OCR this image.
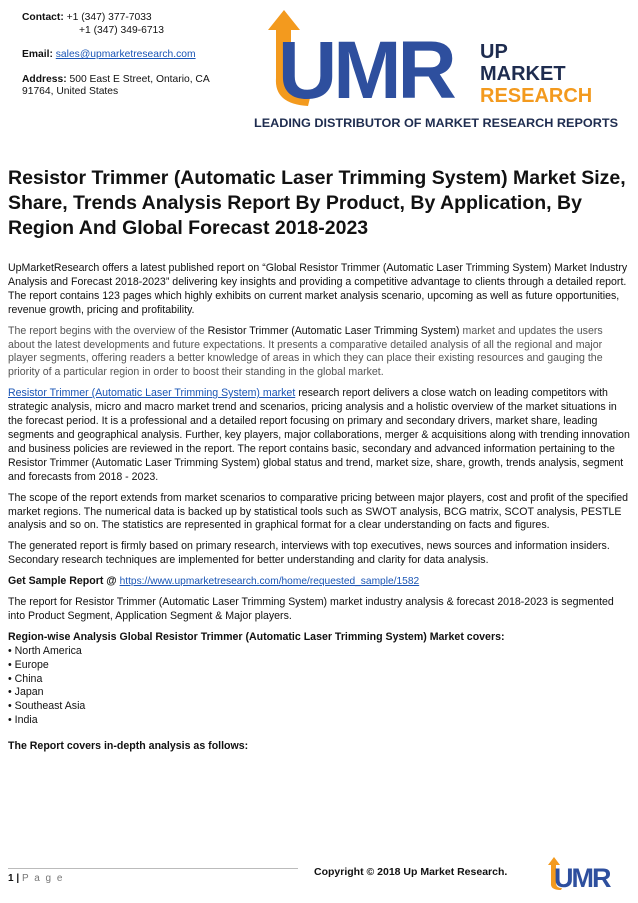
Contact: +1 (347) 377-7033
+1 (347) 349-6713
Email: sales@upmarketresearch.com
Address: 500 East E Street, Ontario, CA
91764, United States	UMR UP
MARKET
RESEARCH
LEADING DISTRIBUTOR OF MARKET RESEARCH REPORTS
Resistor Trimmer (Automatic Laser Trimming System) Market Size, Share, Trends Analysis Report By Product, By Application, By Region And Global Forecast 2018-2023

UpMarketResearch offers a latest published report on “Global Resistor Trimmer (Automatic Laser Trimming System) Market Industry Analysis and Forecast 2018-2023” delivering key insights and providing a competitive advantage to clients through a detailed report. The report contains 123 pages which highly exhibits on current market analysis scenario, upcoming as well as future opportunities, revenue growth, pricing and profitability.

The report begins with the overview of the Resistor Trimmer (Automatic Laser Trimming System) market and updates the users about the latest developments and future expectations. It presents a comparative detailed analysis of all the regional and major player segments, offering readers a better knowledge of areas in which they can place their existing resources and gauging the priority of a particular region in order to boost their standing in the global market.

Resistor Trimmer (Automatic Laser Trimming System) market research report delivers a close watch on leading competitors with strategic analysis, micro and macro market trend and scenarios, pricing analysis and a holistic overview of the market situations in the forecast period. It is a professional and a detailed report focusing on primary and secondary drivers, market share, leading segments and geographical analysis. Further, key players, major collaborations, merger & acquisitions along with trending innovation and business policies are reviewed in the report. The report contains basic, secondary and advanced information pertaining to the Resistor Trimmer (Automatic Laser Trimming System) global status and trend, market size, share, growth, trends analysis, segment and forecasts from 2018 - 2023.

The scope of the report extends from market scenarios to comparative pricing between major players, cost and profit of the specified market regions. The numerical data is backed up by statistical tools such as SWOT analysis, BCG matrix, SCOT analysis, PESTLE analysis and so on. The statistics are represented in graphical format for a clear understanding on facts and figures.

The generated report is firmly based on primary research, interviews with top executives, news sources and information insiders. Secondary research techniques are implemented for better understanding and clarity for data analysis.

Get Sample Report @ https://www.upmarketresearch.com/home/requested_sample/1582

The report for Resistor Trimmer (Automatic Laser Trimming System) market industry analysis & forecast 2018-2023 is segmented into Product Segment, Application Segment & Major players.

Region-wise Analysis Global Resistor Trimmer (Automatic Laser Trimming System) Market covers:

• North America
• Europe
• China
• Japan
• Southeast Asia
• India

The Report covers in-depth analysis as follows:

1 | P a g e
Copyright © 2018 Up Market Research. UMR
